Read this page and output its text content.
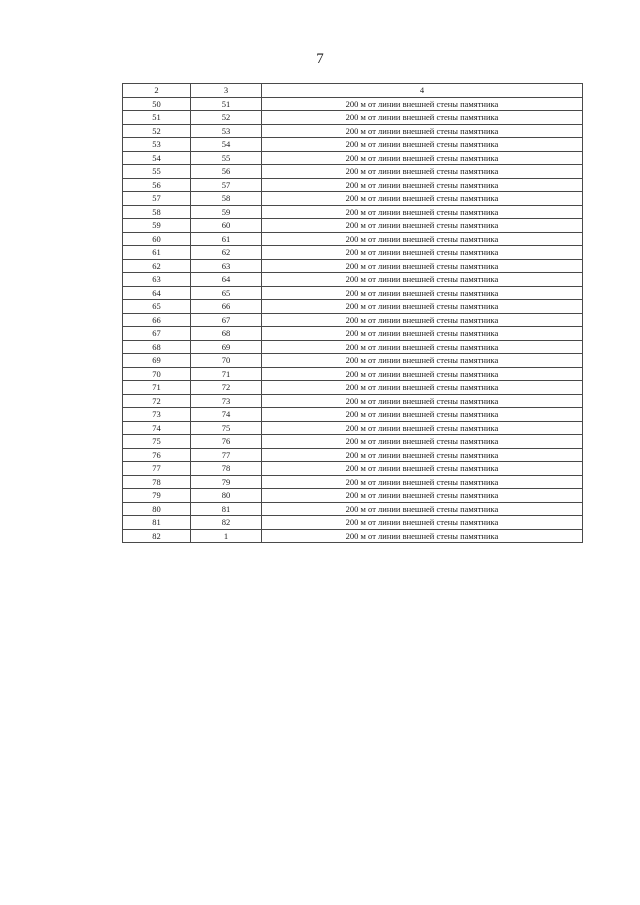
7
2	3	4
50	51	200 м от линии внешней стены памятника
51	52	200 м от линии внешней стены памятника
52	53	200 м от линии внешней стены памятника
53	54	200 м от линии внешней стены памятника
54	55	200 м от линии внешней стены памятника
55	56	200 м от линии внешней стены памятника
56	57	200 м от линии внешней стены памятника
57	58	200 м от линии внешней стены памятника
58	59	200 м от линии внешней стены памятника
59	60	200 м от линии внешней стены памятника
60	61	200 м от линии внешней стены памятника
61	62	200 м от линии внешней стены памятника
62	63	200 м от линии внешней стены памятника
63	64	200 м от линии внешней стены памятника
64	65	200 м от линии внешней стены памятника
65	66	200 м от линии внешней стены памятника
66	67	200 м от линии внешней стены памятника
67	68	200 м от линии внешней стены памятника
68	69	200 м от линии внешней стены памятника
69	70	200 м от линии внешней стены памятника
70	71	200 м от линии внешней стены памятника
71	72	200 м от линии внешней стены памятника
72	73	200 м от линии внешней стены памятника
73	74	200 м от линии внешней стены памятника
74	75	200 м от линии внешней стены памятника
75	76	200 м от линии внешней стены памятника
76	77	200 м от линии внешней стены памятника
77	78	200 м от линии внешней стены памятника
78	79	200 м от линии внешней стены памятника
79	80	200 м от линии внешней стены памятника
80	81	200 м от линии внешней стены памятника
81	82	200 м от линии внешней стены памятника
82	1	200 м от линии внешней стены памятника
